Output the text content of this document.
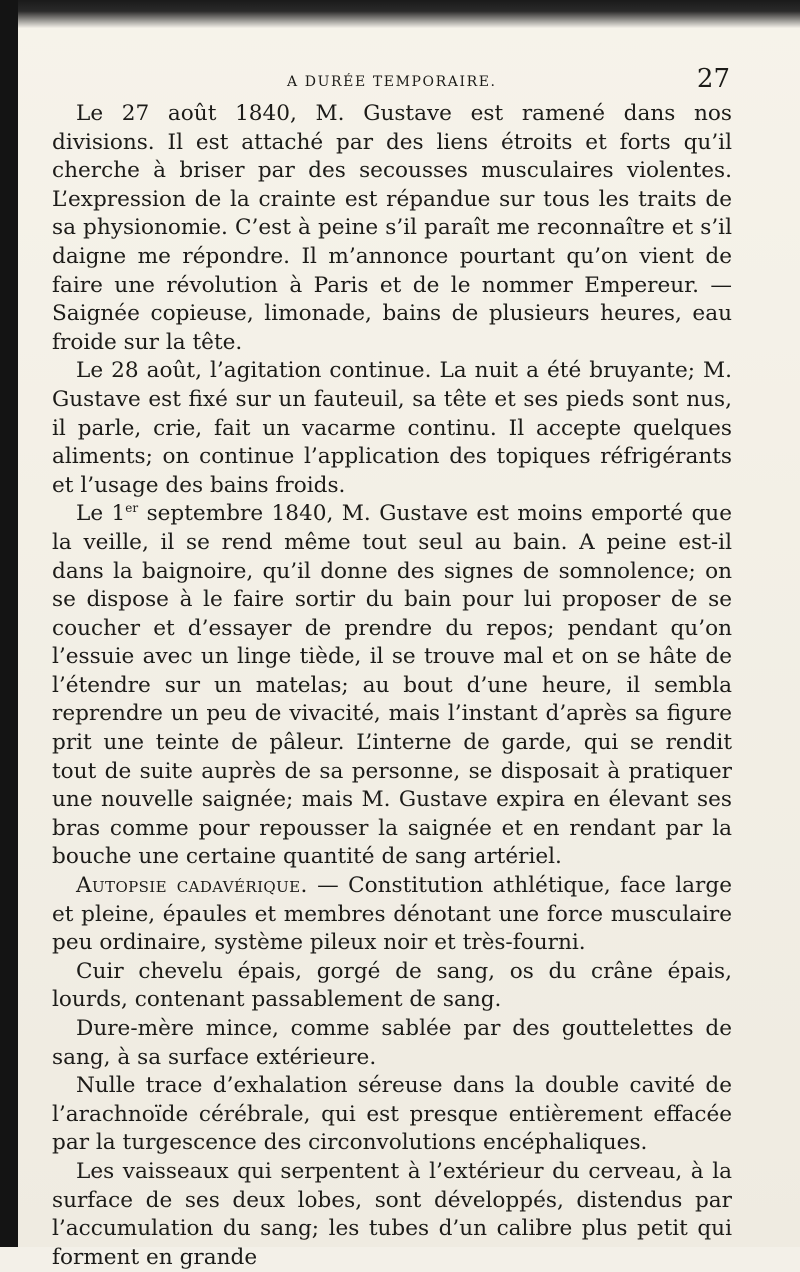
A DURÉE TEMPORAIRE.	27

Le 27 août 1840, M. Gustave est ramené dans nos divisions. Il est attaché par des liens étroits et forts qu’il cherche à briser par des secousses musculaires violentes. L’expression de la crainte est répandue sur tous les traits de sa physionomie. C’est à peine s’il paraît me reconnaître et s’il daigne me répondre. Il m’annonce pourtant qu’on vient de faire une révolution à Paris et de le nommer Empereur. — Saignée copieuse, limonade, bains de plusieurs heures, eau froide sur la tête.

Le 28 août, l’agitation continue. La nuit a été bruyante; M. Gustave est fixé sur un fauteuil, sa tête et ses pieds sont nus, il parle, crie, fait un vacarme continu. Il accepte quelques aliments; on continue l’application des topiques réfrigérants et l’usage des bains froids.

Le 1er septembre 1840, M. Gustave est moins emporté que la veille, il se rend même tout seul au bain. A peine est-il dans la baignoire, qu’il donne des signes de somnolence; on se dispose à le faire sortir du bain pour lui proposer de se coucher et d’essayer de prendre du repos; pendant qu’on l’essuie avec un linge tiède, il se trouve mal et on se hâte de l’étendre sur un matelas; au bout d’une heure, il sembla reprendre un peu de vivacité, mais l’instant d’après sa figure prit une teinte de pâleur. L’interne de garde, qui se rendit tout de suite auprès de sa personne, se disposait à pratiquer une nouvelle saignée; mais M. Gustave expira en élevant ses bras comme pour repousser la saignée et en rendant par la bouche une certaine quantité de sang artériel.

Autopsie cadavérique. — Constitution athlétique, face large et pleine, épaules et membres dénotant une force musculaire peu ordinaire, système pileux noir et très-fourni.

Cuir chevelu épais, gorgé de sang, os du crâne épais, lourds, contenant passablement de sang.

Dure-mère mince, comme sablée par des gouttelettes de sang, à sa surface extérieure.

Nulle trace d’exhalation séreuse dans la double cavité de l’arachnoïde cérébrale, qui est presque entièrement effacée par la turgescence des circonvolutions encéphaliques.

Les vaisseaux qui serpentent à l’extérieur du cerveau, à la surface de ses deux lobes, sont développés, distendus par l’accumulation du sang; les tubes d’un calibre plus petit qui forment en grande
